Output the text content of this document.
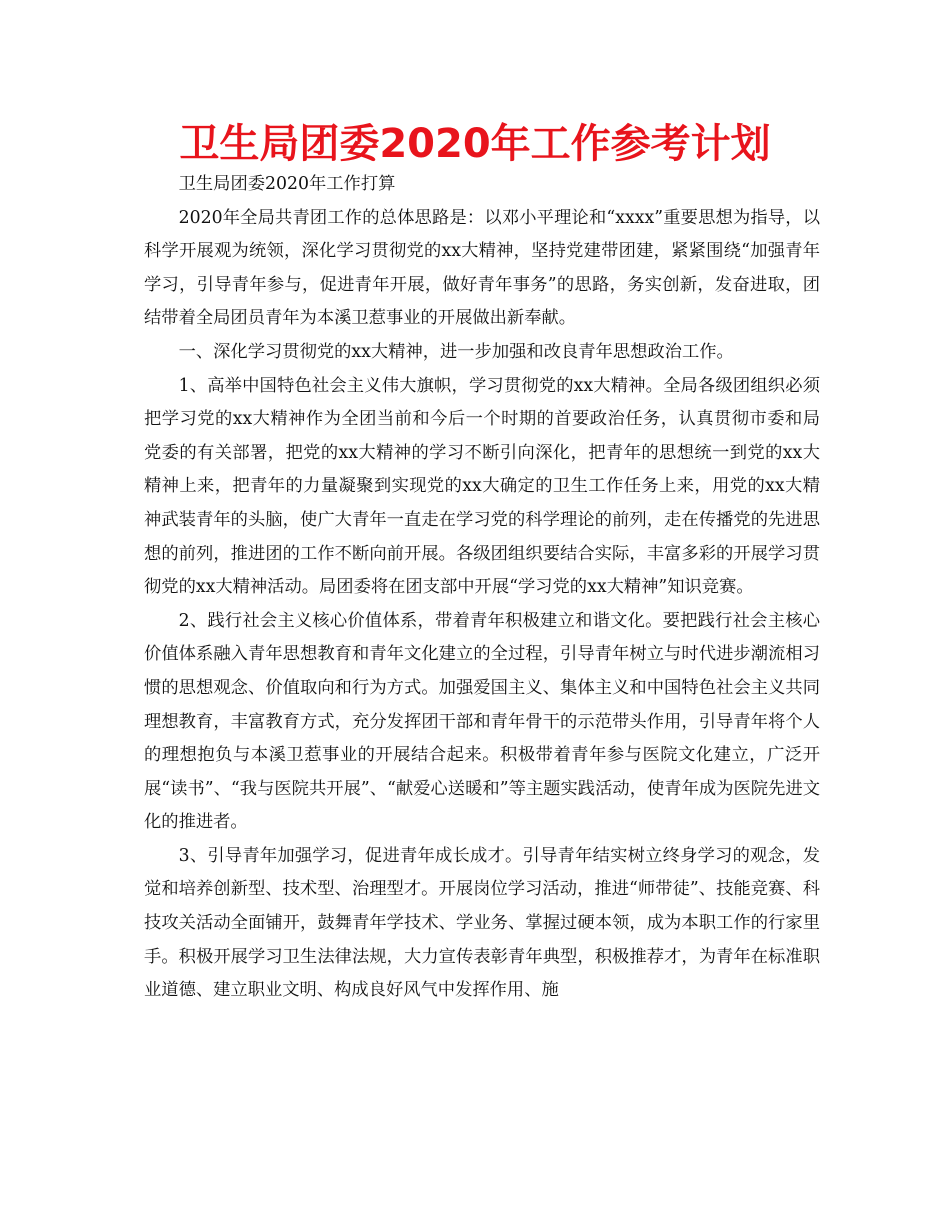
卫生局团委2020年工作参考计划

卫生局团委2020年工作打算

2020年全局共青团工作的总体思路是：以邓小平理论和“xxxx”重要思想为指导，以科学开展观为统领，深化学习贯彻党的xx大精神，坚持党建带团建，紧紧围绕“加强青年学习，引导青年参与，促进青年开展，做好青年事务”的思路，务实创新，发奋进取，团结带着全局团员青年为本溪卫惹事业的开展做出新奉献。

一、深化学习贯彻党的xx大精神，进一步加强和改良青年思想政治工作。

1、高举中国特色社会主义伟大旗帜，学习贯彻党的xx大精神。全局各级团组织必须把学习党的xx大精神作为全团当前和今后一个时期的首要政治任务，认真贯彻市委和局党委的有关部署，把党的xx大精神的学习不断引向深化，把青年的思想统一到党的xx大精神上来，把青年的力量凝聚到实现党的xx大确定的卫生工作任务上来，用党的xx大精神武装青年的头脑，使广大青年一直走在学习党的科学理论的前列，走在传播党的先进思想的前列，推进团的工作不断向前开展。各级团组织要结合实际，丰富多彩的开展学习贯彻党的xx大精神活动。局团委将在团支部中开展“学习党的xx大精神”知识竞赛。

2、践行社会主义核心价值体系，带着青年积极建立和谐文化。要把践行社会主核心价值体系融入青年思想教育和青年文化建立的全过程，引导青年树立与时代进步潮流相习惯的思想观念、价值取向和行为方式。加强爱国主义、集体主义和中国特色社会主义共同理想教育，丰富教育方式，充分发挥团干部和青年骨干的示范带头作用，引导青年将个人的理想抱负与本溪卫惹事业的开展结合起来。积极带着青年参与医院文化建立，广泛开展“读书”、“我与医院共开展”、“献爱心送暖和”等主题实践活动，使青年成为医院先进文化的推进者。

3、引导青年加强学习，促进青年成长成才。引导青年结实树立终身学习的观念，发觉和培养创新型、技术型、治理型才。开展岗位学习活动，推进“师带徒”、技能竞赛、科技攻关活动全面铺开，鼓舞青年学技术、学业务、掌握过硬本领，成为本职工作的行家里手。积极开展学习卫生法律法规，大力宣传表彰青年典型，积极推荐才，为青年在标准职业道德、建立职业文明、构成良好风气中发挥作用、施
